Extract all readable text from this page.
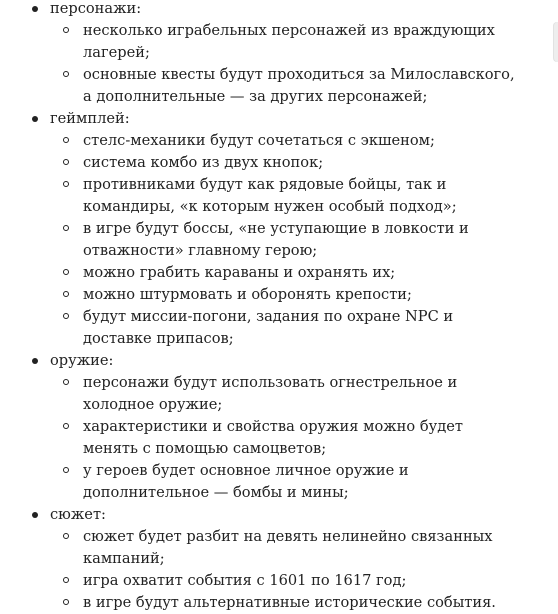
персонажи:
несколько играбельных персонажей из враждующих лагерей;
основные квесты будут проходиться за Милославского, а дополнительные — за других персонажей;
геймплей:
стелс-механики будут сочетаться с экшеном;
система комбо из двух кнопок;
противниками будут как рядовые бойцы, так и командиры, «к которым нужен особый подход»;
в игре будут боссы, «не уступающие в ловкости и отважности» главному герою;
можно грабить караваны и охранять их;
можно штурмовать и оборонять крепости;
будут миссии-погони, задания по охране NPC и доставке припасов;
оружие:
персонажи будут использовать огнестрельное и холодное оружие;
характеристики и свойства оружия можно будет менять с помощью самоцветов;
у героев будет основное личное оружие и дополнительное — бомбы и мины;
сюжет:
сюжет будет разбит на девять нелинейно связанных кампаний;
игра охватит события с 1601 по 1617 год;
в игре будут альтернативные исторические события.
